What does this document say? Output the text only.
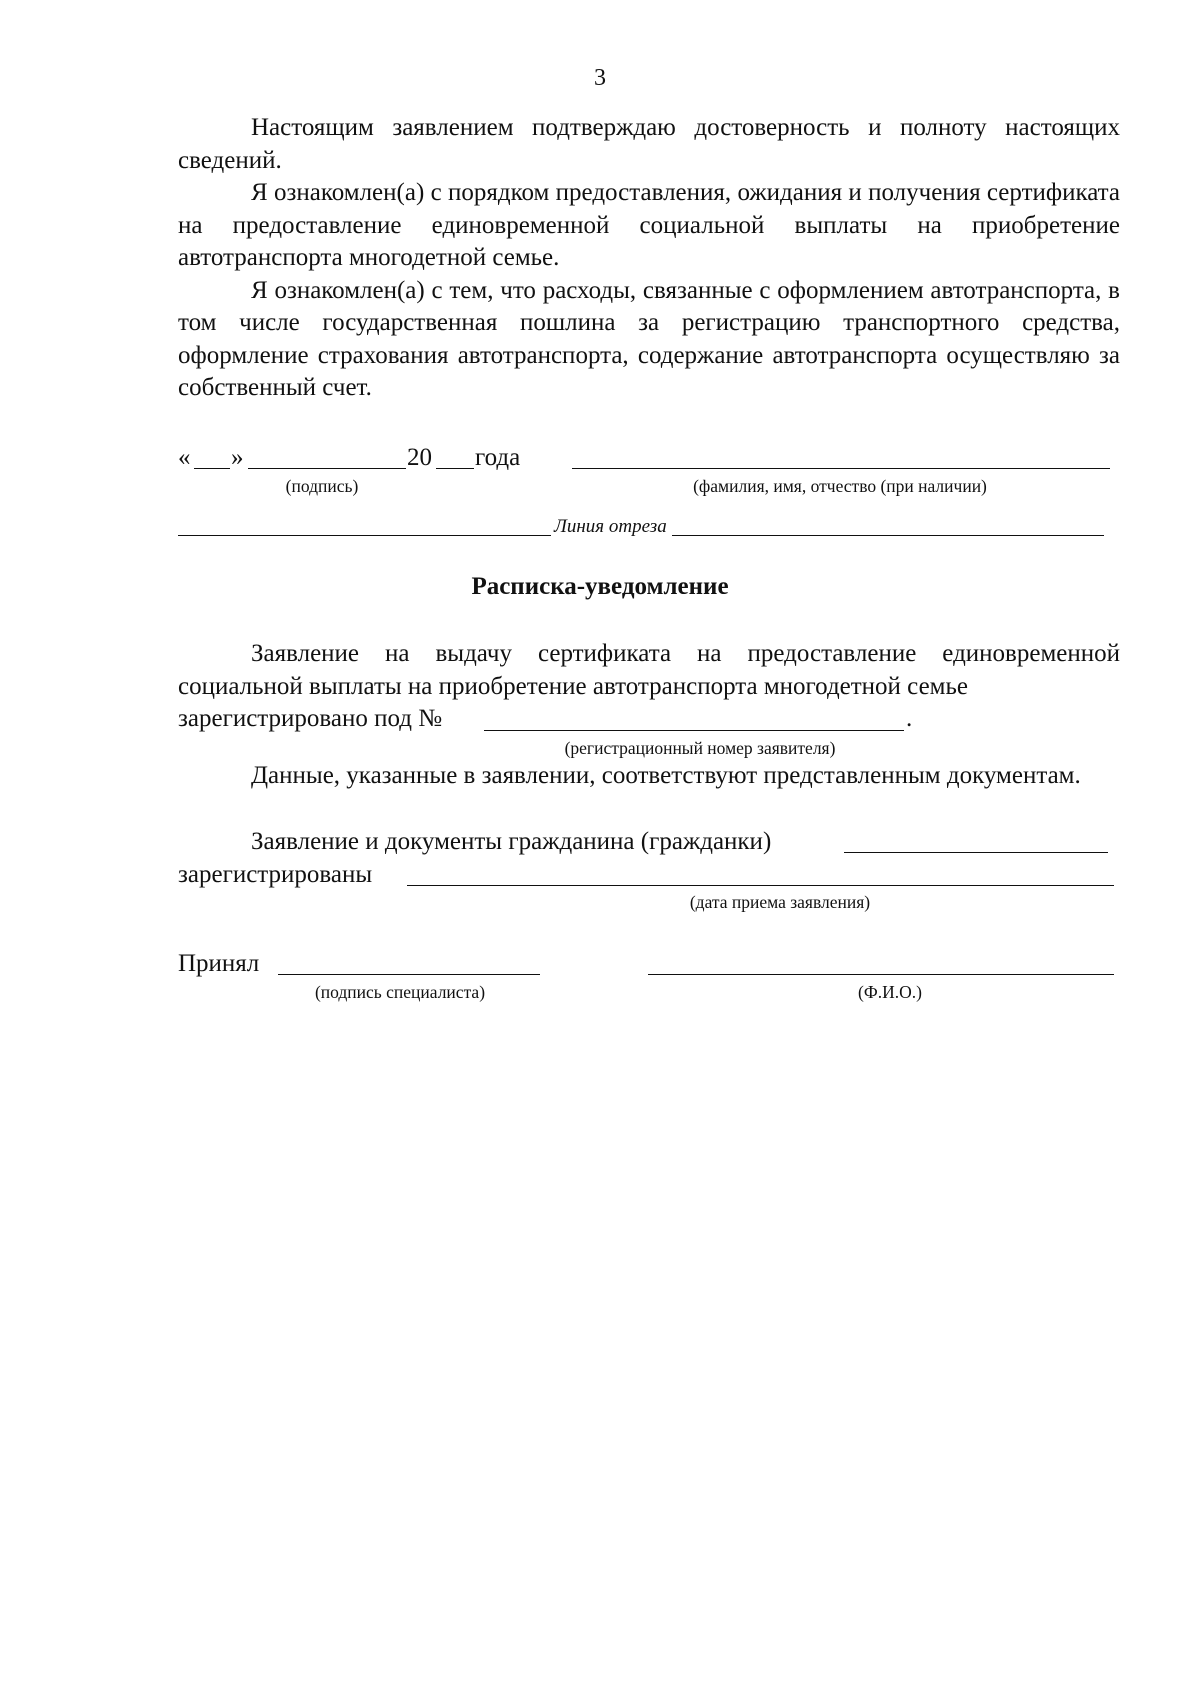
3

Настоящим заявлением подтверждаю достоверность и полноту настоящих сведений.

Я ознакомлен(а) с порядком предоставления, ожидания и получения сертификата на предоставление единовременной социальной выплаты на приобретение автотранспорта многодетной семье.

Я ознакомлен(а) с тем, что расходы, связанные с оформлением автотранспорта, в том числе государственная пошлина за регистрацию транспортного средства, оформление страхования автотранспорта, содержание автотранспорта осуществляю за собственный счет.

« »	20 года
(подпись)	(фамилия, имя, отчество (при наличии)
Линия отреза
Расписка-уведомление

Заявление на выдачу сертификата на предоставление единовременной социальной выплаты на приобретение автотранспорта многодетной семье

зарегистрировано под №	.
(регистрационный номер заявителя)

Данные, указанные в заявлении, соответствуют представленным документам.

Заявление и документы гражданина (гражданки)
зарегистрированы
(дата приема заявления)
Принял
(подпись специалиста)	(Ф.И.О.)
